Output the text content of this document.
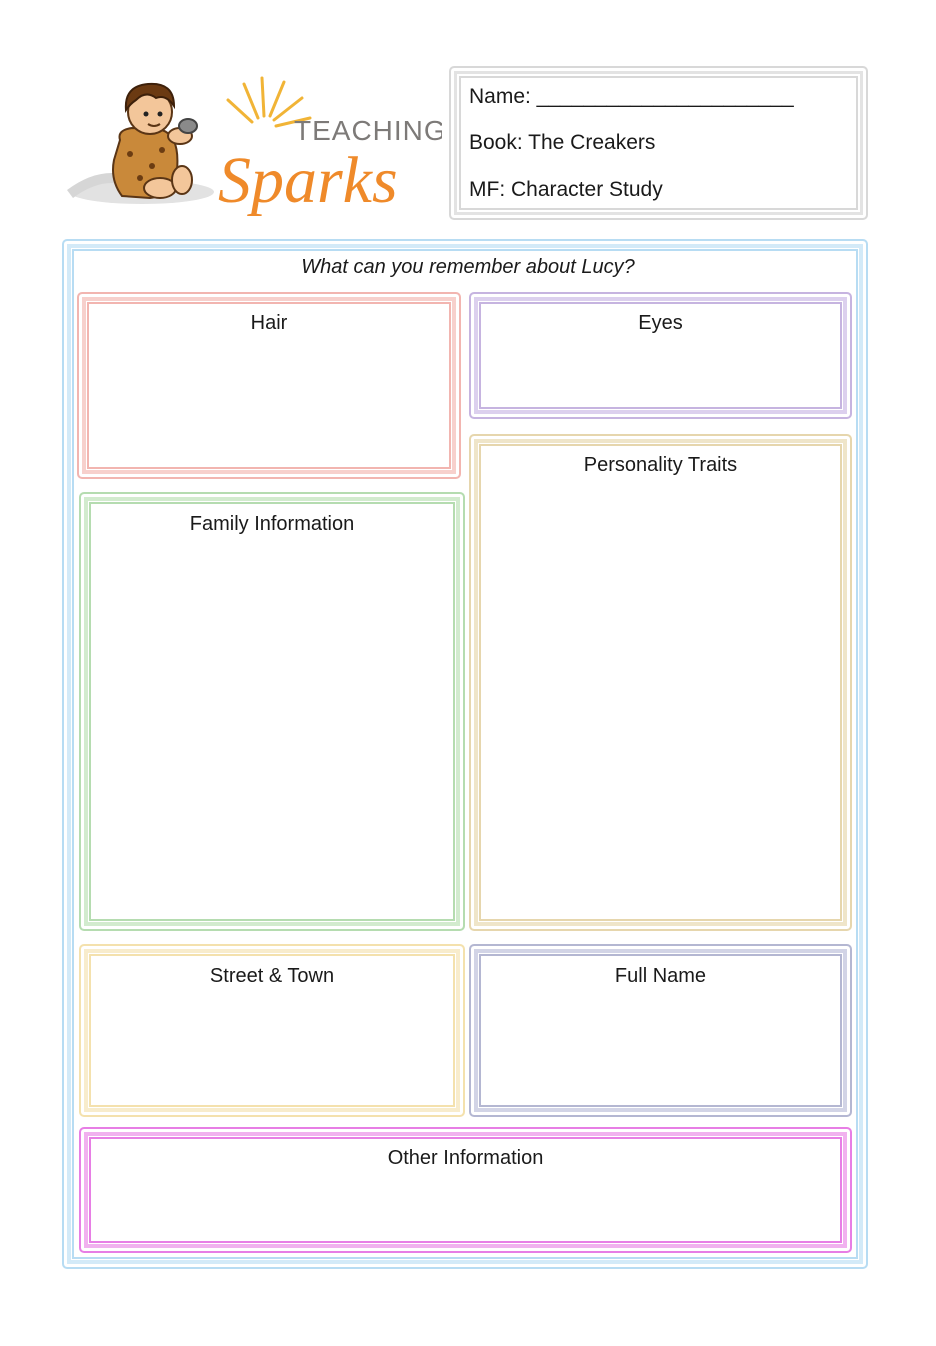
TEACHING
Sparks
Name: ______________________
Book: The Creakers
MF: Character Study
What can you remember about Lucy?
Hair	Eyes
Personality Traits
Family Information
Street & Town	Full Name
Other Information
